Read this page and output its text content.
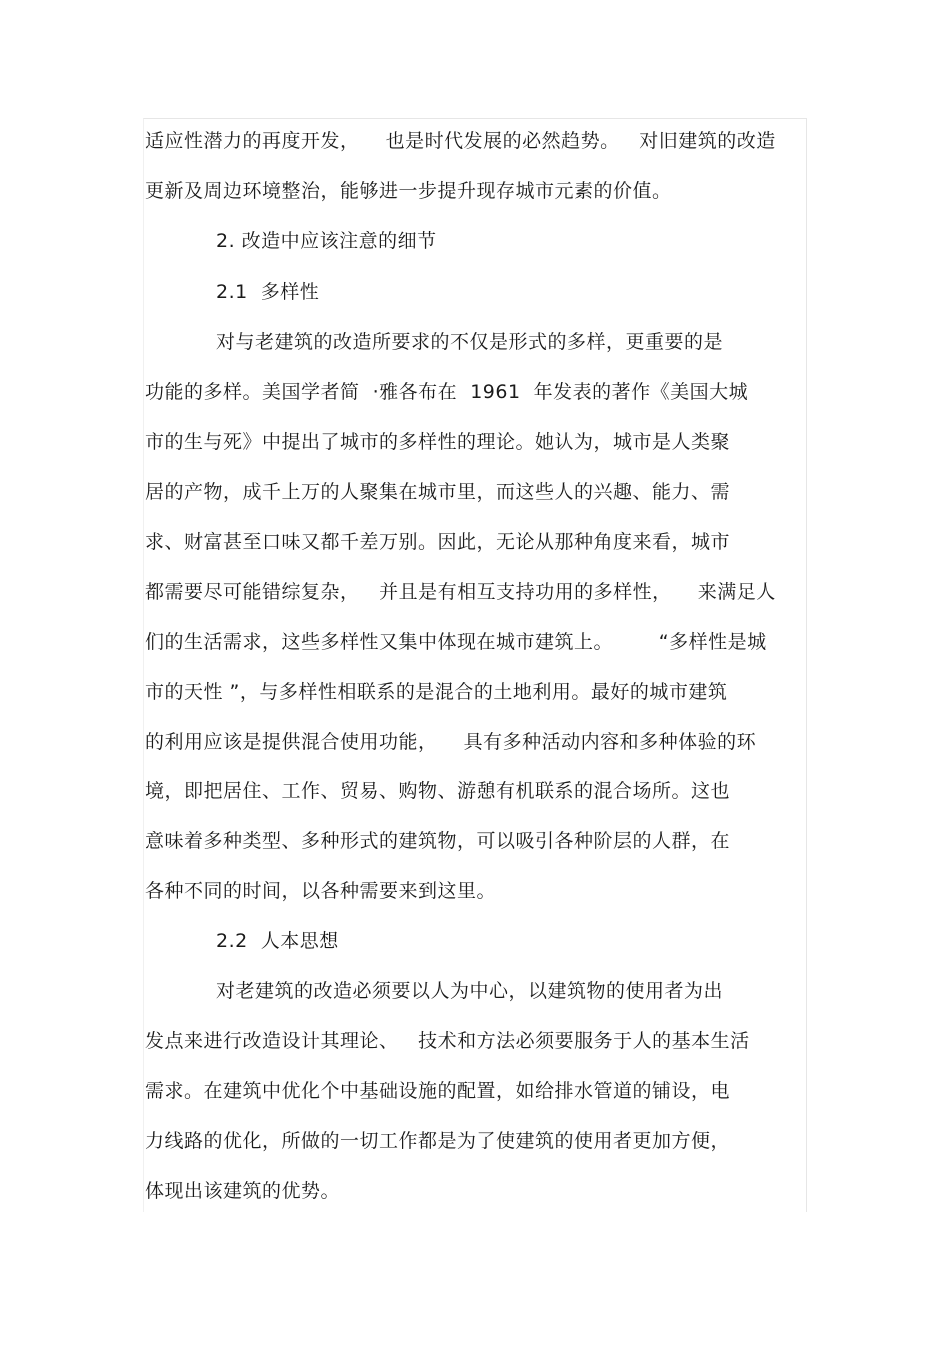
适应性潜力的再度开发，    也是时代发展的必然趋势。   对旧建筑的改造
更新及周边环境整治，能够进一步提升现存城市元素的价值。
2. 改造中应该注意的细节
2.1  多样性
对与老建筑的改造所要求的不仅是形式的多样，更重要的是
功能的多样。美国学者简  ·雅各布在  1961  年发表的著作《美国大城
市的生与死》中提出了城市的多样性的理论。她认为，城市是人类聚
居的产物，成千上万的人聚集在城市里，而这些人的兴趣、能力、需
求、财富甚至口味又都千差万别。因此，无论从那种角度来看，城市
都需要尽可能错综复杂，   并且是有相互支持功用的多样性，    来满足人
们的生活需求，这些多样性又集中体现在城市建筑上。       “多样性是城
市的天性 ”，与多样性相联系的是混合的土地利用。最好的城市建筑
的利用应该是提供混合使用功能，    具有多种活动内容和多种体验的环
境，即把居住、工作、贸易、购物、游憩有机联系的混合场所。这也
意味着多种类型、多种形式的建筑物，可以吸引各种阶层的人群，在
各种不同的时间，以各种需要来到这里。
2.2  人本思想
对老建筑的改造必须要以人为中心，以建筑物的使用者为出
发点来进行改造设计其理论、   技术和方法必须要服务于人的基本生活
需求。在建筑中优化个中基础设施的配置，如给排水管道的铺设，电
力线路的优化，所做的一切工作都是为了使建筑的使用者更加方便，
体现出该建筑的优势。
